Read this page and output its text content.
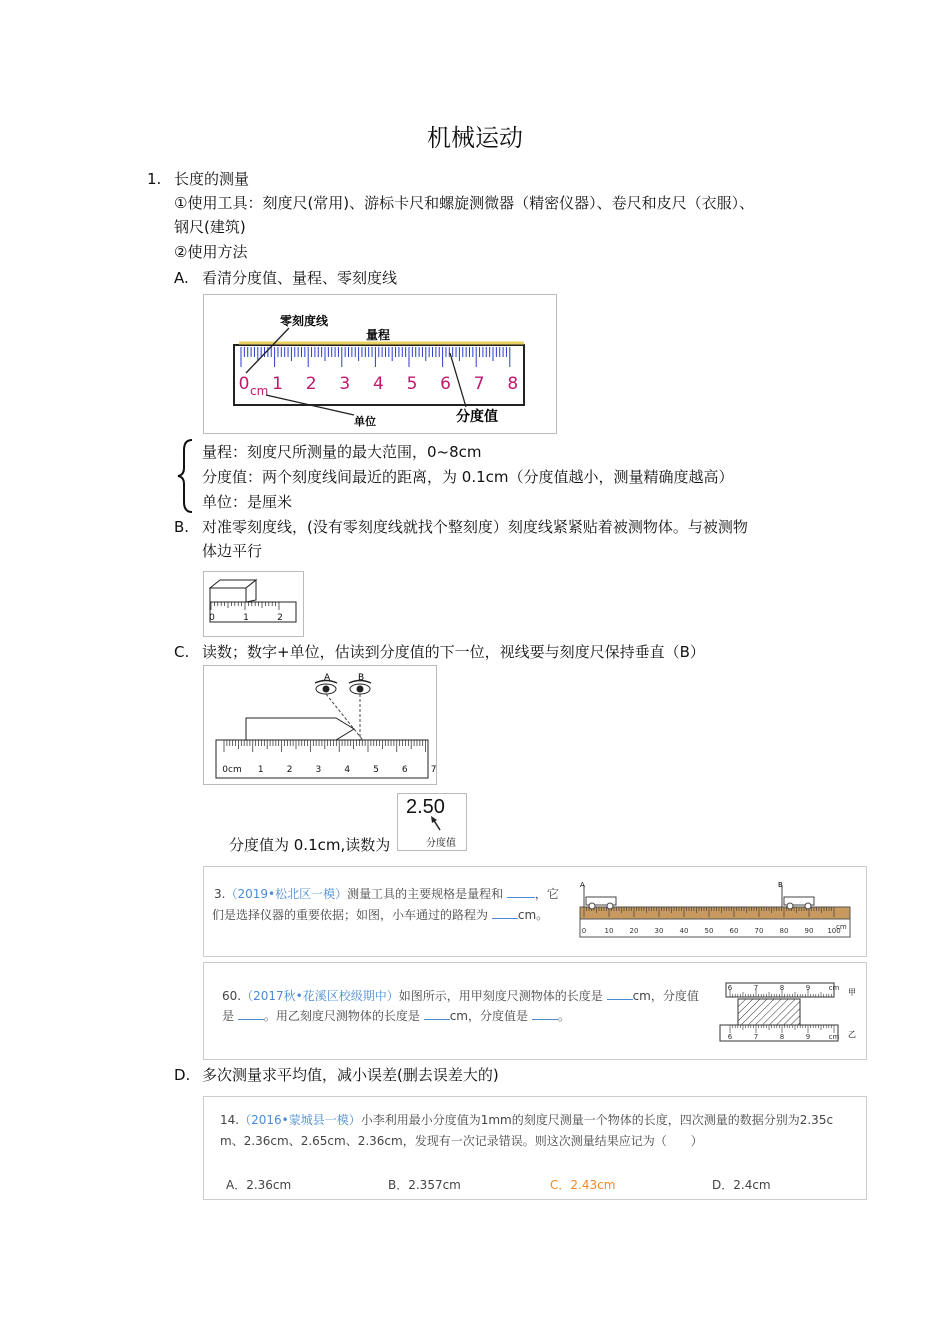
机械运动
1. 长度的测量
①使用工具：刻度尺(常用)、游标卡尺和螺旋测微器（精密仪器）、卷尺和皮尺（衣服）、
钢尺(建筑)
②使用方法
A. 看清分度值、量程、零刻度线
0 1 2 3 4 5 6 7 8
零刻度线
量程
cm
单位	分度值
量程：刻度尺所测量的最大范围，0~8cm
分度值：两个刻度线间最近的距离，为 0.1cm（分度值越小，测量精确度越高）
单位：是厘米
B. 对准零刻度线，(没有零刻度线就找个整刻度）刻度线紧紧贴着被测物体。与被测物
体边平行
0	1	2
C. 读数；数字+单位，估读到分度值的下一位，视线要与刻度尺保持垂直（B）
A	B
0cm 1	2	3	4	5	6	7
分度值为 0.1cm,读数为
2.50
分度值
3.（2019•松北区一模）测量工具的主要规格是量程和	，它
们是选择仪器的重要依据；如图，小车通过的路程为 cm。
0	10 20 30 40 50 60 70 80 90 100
cm
A	B
60.（2017秋•花溪区校级期中）如图所示，用甲刻度尺测物体的长度是 cm，分度值
是 。用乙刻度尺测物体的长度是 cm，分度值是 。
6	7	8	9	cm
6	7	8	9	cm
甲
乙
D. 多次测量求平均值，减小误差(删去误差大的)
14.（2016•蒙城县一模）小李利用最小分度值为1mm的刻度尺测量一个物体的长度，四次测量的数据分别为2.35c
m、2.36cm、2.65cm、2.36cm，发现有一次记录错误。则这次测量结果应记为（　　）
A．2.36cm	B．2.357cm	C．2.43cm	D．2.4cm
